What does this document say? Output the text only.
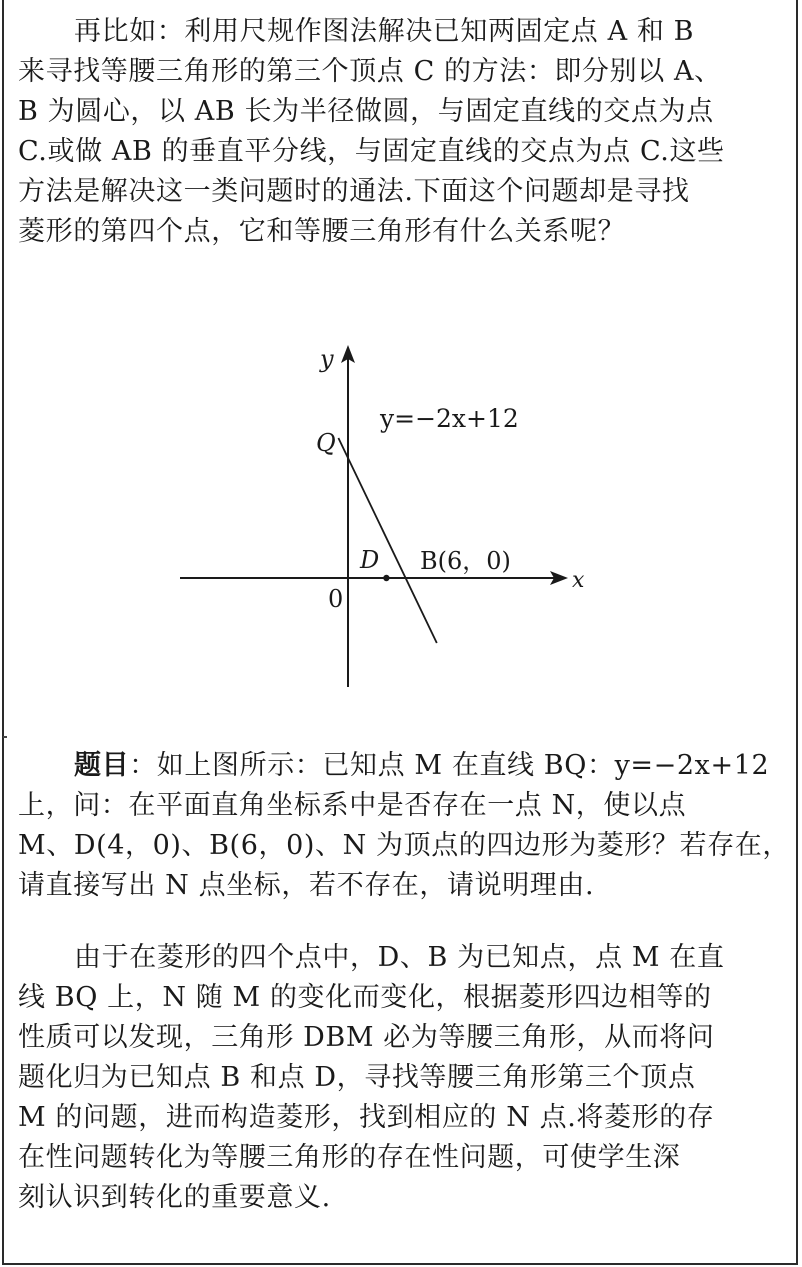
再比如：利用尺规作图法解决已知两固定点 A 和 B
来寻找等腰三角形的第三个顶点 C 的方法：即分别以 A、
B 为圆心，以 AB 长为半径做圆，与固定直线的交点为点
C.或做 AB 的垂直平分线，与固定直线的交点为点 C.这些
方法是解决这一类问题时的通法.下面这个问题却是寻找
菱形的第四个点，它和等腰三角形有什么关系呢？
y
x
0
Q
D B(6，0)
y=−2x+12
题目：如上图所示：已知点 M 在直线 BQ：y=−2x+12
上，问：在平面直角坐标系中是否存在一点 N，使以点
M、D(4，0)、B(6，0)、N 为顶点的四边形为菱形？若存在，
请直接写出 N 点坐标，若不存在，请说明理由.
由于在菱形的四个点中，D、B 为已知点，点 M 在直
线 BQ 上，N 随 M 的变化而变化，根据菱形四边相等的
性质可以发现，三角形 DBM 必为等腰三角形，从而将问
题化归为已知点 B 和点 D，寻找等腰三角形第三个顶点
M 的问题，进而构造菱形，找到相应的 N 点.将菱形的存
在性问题转化为等腰三角形的存在性问题，可使学生深
刻认识到转化的重要意义.
